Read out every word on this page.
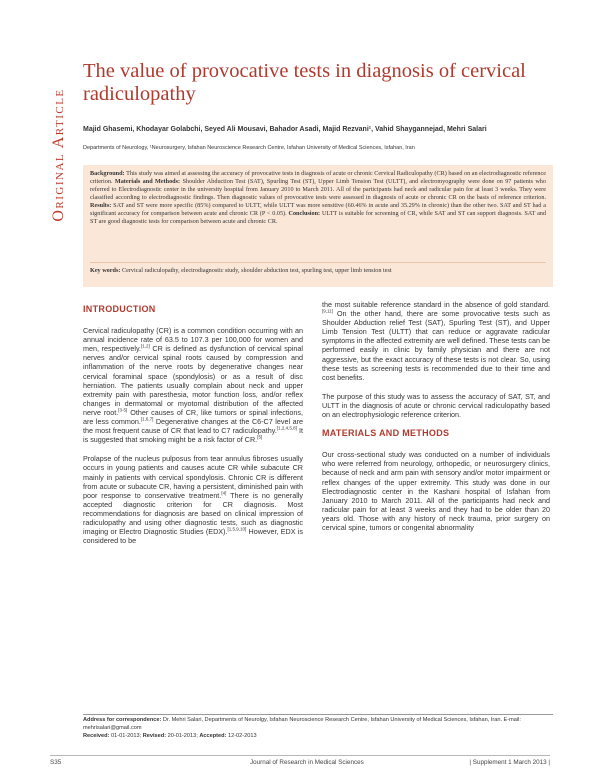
Original Article
The value of provocative tests in diagnosis of cervical radiculopathy
Majid Ghasemi, Khodayar Golabchi, Seyed Ali Mousavi, Bahador Asadi, Majid Rezvani¹, Vahid Shaygannejad, Mehri Salari
Departments of Neurology, ¹Neurosurgery, Isfahan Neuroscience Research Centre, Isfahan University of Medical Sciences, Isfahan, Iran

Background: This study was aimed at assessing the accuracy of provocative tests in diagnosis of acute or chronic Cervical Radiculopathy (CR) based on an electrodiagnostic reference criterion. Materials and Methods: Shoulder Abduction Test (SAT), Spurling Test (ST), Upper Limb Tension Test (ULTT), and electromyography were done on 97 patients who referred to Electrodiagnostic center in the university hospital from January 2010 to March 2011. All of the participants had neck and radicular pain for at least 3 weeks. They were classified according to electrodiagnostic findings. Then diagnostic values of provocative tests were assessed in diagnosis of acute or chronic CR on the basis of reference criterion. Results: SAT and ST were more specific (85%) compared to ULTT, while ULTT was more sensitive (60.46% in acute and 35.29% in chronic) than the other two. SAT and ST had a significant accuracy for comparison between acute and chronic CR (P < 0.05). Conclusion: ULTT is suitable for screening of CR, while SAT and ST can support diagnosis. SAT and ST are good diagnostic tests for comparison between acute and chronic CR.

Key words: Cervical radiculopathy, electrodiagnostic study, shoulder abduction test, spurling test, upper limb tension test
INTRODUCTION

Cervical radiculopathy (CR) is a common condition occurring with an annual incidence rate of 63.5 to 107.3 per 100,000 for women and men, respectively.[1,2] CR is defined as dysfunction of cervical spinal nerves and/or cervical spinal roots caused by compression and inflammation of the nerve roots by degenerative changes near cervical foraminal space (spondylosis) or as a result of disc herniation. The patients usually complain about neck and upper extremity pain with paresthesia, motor function loss, and/or reflex changes in dermatomal or myotomal distribution of the affected nerve root.[3-5] Other causes of CR, like tumors or spinal infections, are less common.[1,6,7] Degenerative changes at the C6-C7 level are the most frequent cause of CR that lead to C7 radiculopathy.[1,2,4,5,8] It is suggested that smoking might be a risk factor of CR.[5]

Prolapse of the nucleus pulposus from tear annulus fibroses usually occurs in young patients and causes acute CR while subacute CR mainly in patients with cervical spondylosis. Chronic CR is different from acute or subacute CR, having a persistent, diminished pain with poor response to conservative treatment.[4] There is no generally accepted diagnostic criterion for CR diagnosis. Most recommendations for diagnosis are based on clinical impression of radiculopathy and using other diagnostic tests, such as diagnostic imaging or Electro Diagnostic Studies (EDX).[1,5,9,10] However, EDX is considered to be

the most suitable reference standard in the absence of gold standard.[9,11] On the other hand, there are some provocative tests such as Shoulder Abduction relief Test (SAT), Spurling Test (ST), and Upper Limb Tension Test (ULTT) that can reduce or aggravate radicular symptoms in the affected extremity are well defined. These tests can be performed easily in clinic by family physician and there are not aggressive, but the exact accuracy of these tests is not clear. So, using these tests as screening tests is recommended due to their time and cost benefits.

The purpose of this study was to assess the accuracy of SAT, ST, and ULTT in the diagnosis of acute or chronic cervical radiculopathy based on an electrophysiologic reference criterion.

MATERIALS AND METHODS

Our cross-sectional study was conducted on a number of individuals who were referred from neurology, orthopedic, or neurosurgery clinics, because of neck and arm pain with sensory and/or motor impairment or reflex changes of the upper extremity. This study was done in our Electrodiagnostic center in the Kashani hospital of Isfahan from January 2010 to March 2011. All of the participants had neck and radicular pain for at least 3 weeks and they had to be older than 20 years old. Those with any history of neck trauma, prior surgery on cervical spine, tumors or congenital abnormality

Address for correspondence: Dr. Mehri Salari, Departments of Neurolgy, Isfahan Neuroscience Research Centre, Isfahan University of Medical Sciences, Isfahan, Iran. E-mail: mehrisalari@gmail.com
Received: 01-01-2013; Revised: 20-01-2013; Accepted: 12-02-2013
S35	Journal of Research in Medical Sciences	| Supplement 1 March 2013 |
